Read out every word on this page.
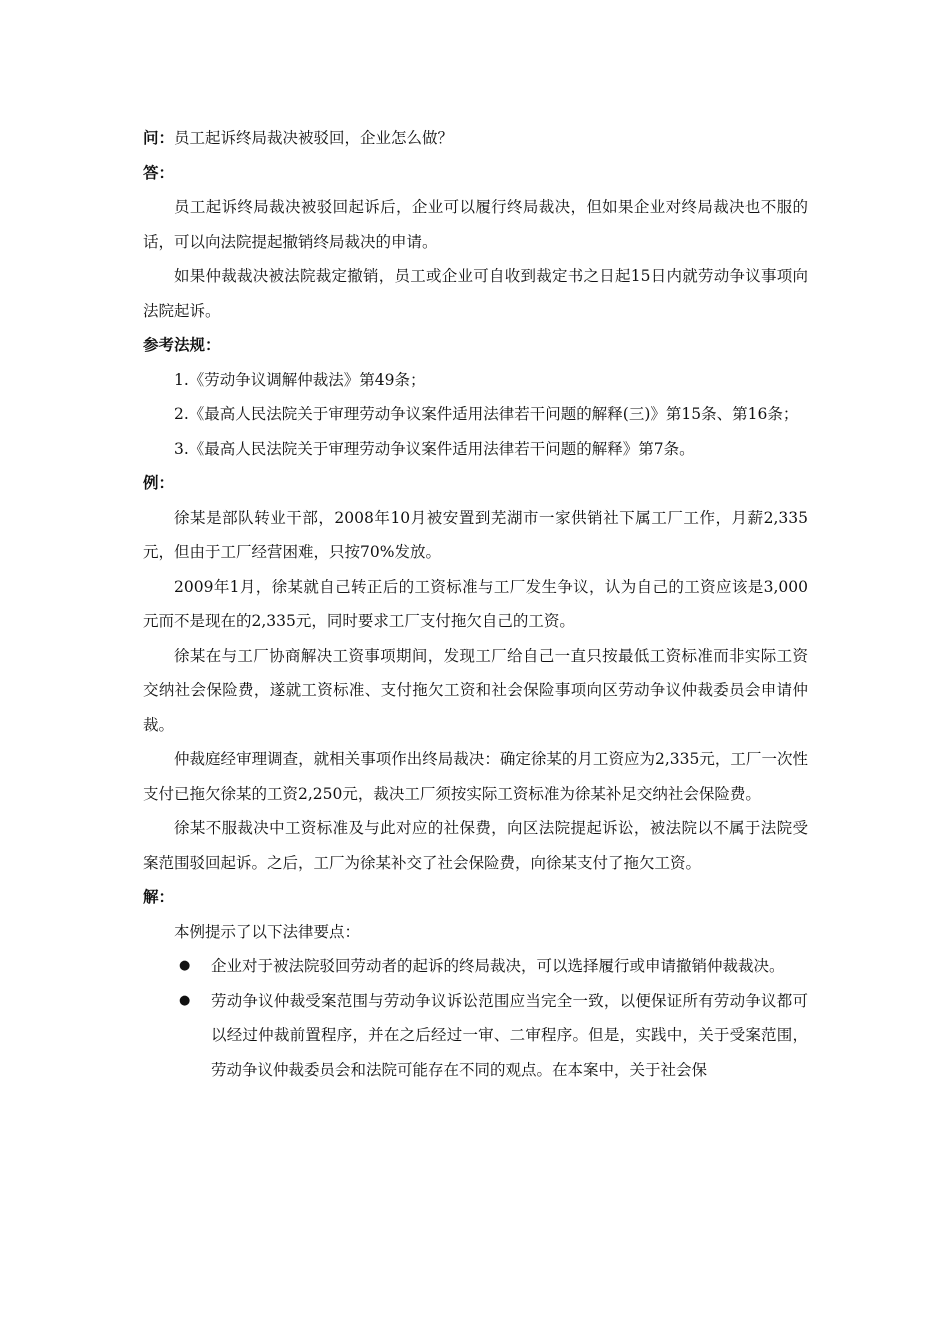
问：员工起诉终局裁决被驳回，企业怎么做？

答：

员工起诉终局裁决被驳回起诉后，企业可以履行终局裁决，但如果企业对终局裁决也不服的话，可以向法院提起撤销终局裁决的申请。

如果仲裁裁决被法院裁定撤销，员工或企业可自收到裁定书之日起15日内就劳动争议事项向法院起诉。

参考法规：

1.《劳动争议调解仲裁法》第49条；

2.《最高人民法院关于审理劳动争议案件适用法律若干问题的解释(三)》第15条、第16条；

3.《最高人民法院关于审理劳动争议案件适用法律若干问题的解释》第7条。

例：

徐某是部队转业干部，2008年10月被安置到芜湖市一家供销社下属工厂工作，月薪2,335元，但由于工厂经营困难，只按70%发放。

2009年1月，徐某就自己转正后的工资标准与工厂发生争议，认为自己的工资应该是3,000元而不是现在的2,335元，同时要求工厂支付拖欠自己的工资。

徐某在与工厂协商解决工资事项期间，发现工厂给自己一直只按最低工资标准而非实际工资交纳社会保险费，遂就工资标准、支付拖欠工资和社会保险事项向区劳动争议仲裁委员会申请仲裁。

仲裁庭经审理调查，就相关事项作出终局裁决：确定徐某的月工资应为2,335元，工厂一次性支付已拖欠徐某的工资2,250元，裁决工厂须按实际工资标准为徐某补足交纳社会保险费。

徐某不服裁决中工资标准及与此对应的社保费，向区法院提起诉讼，被法院以不属于法院受案范围驳回起诉。之后，工厂为徐某补交了社会保险费，向徐某支付了拖欠工资。

解：

本例提示了以下法律要点：

● 企业对于被法院驳回劳动者的起诉的终局裁决，可以选择履行或申请撤销仲裁裁决。
● 劳动争议仲裁受案范围与劳动争议诉讼范围应当完全一致，以便保证所有劳动争议都可以经过仲裁前置程序，并在之后经过一审、二审程序。但是，实践中，关于受案范围，劳动争议仲裁委员会和法院可能存在不同的观点。在本案中，关于社会保
